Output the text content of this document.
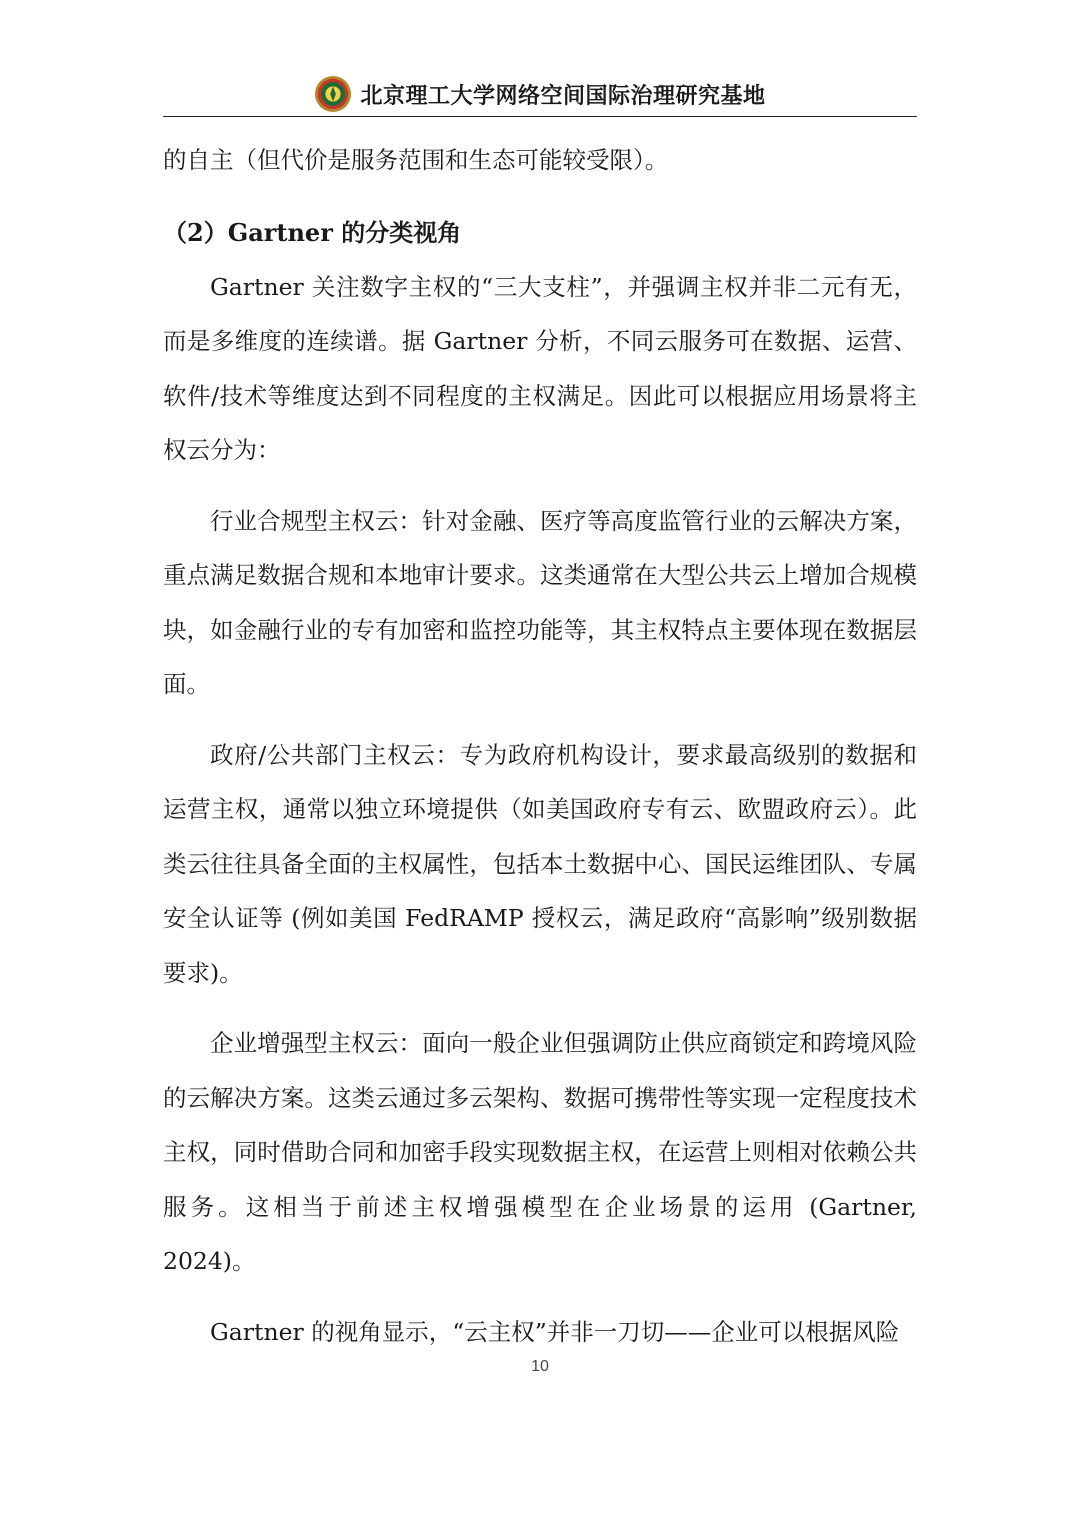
北京理工大学网络空间国际治理研究基地

的自主（但代价是服务范围和生态可能较受限）。

（2）Gartner 的分类视角

Gartner 关注数字主权的“三大支柱”，并强调主权并非二元有无，而是多维度的连续谱。据 Gartner 分析，不同云服务可在数据、运营、软件/技术等维度达到不同程度的主权满足。因此可以根据应用场景将主权云分为：

行业合规型主权云：针对金融、医疗等高度监管行业的云解决方案，重点满足数据合规和本地审计要求。这类通常在大型公共云上增加合规模块，如金融行业的专有加密和监控功能等，其主权特点主要体现在数据层面。

政府/公共部门主权云：专为政府机构设计，要求最高级别的数据和运营主权，通常以独立环境提供（如美国政府专有云、欧盟政府云）。此类云往往具备全面的主权属性，包括本土数据中心、国民运维团队、专属安全认证等 (例如美国 FedRAMP 授权云，满足政府“高影响”级别数据要求)。

企业增强型主权云：面向一般企业但强调防止供应商锁定和跨境风险的云解决方案。这类云通过多云架构、数据可携带性等实现一定程度技术主权，同时借助合同和加密手段实现数据主权，在运营上则相对依赖公共服务。这相当于前述主权增强模型在企业场景的运用 (Gartner, 2024)。

Gartner 的视角显示，“云主权”并非一刀切——企业可以根据风险

10
